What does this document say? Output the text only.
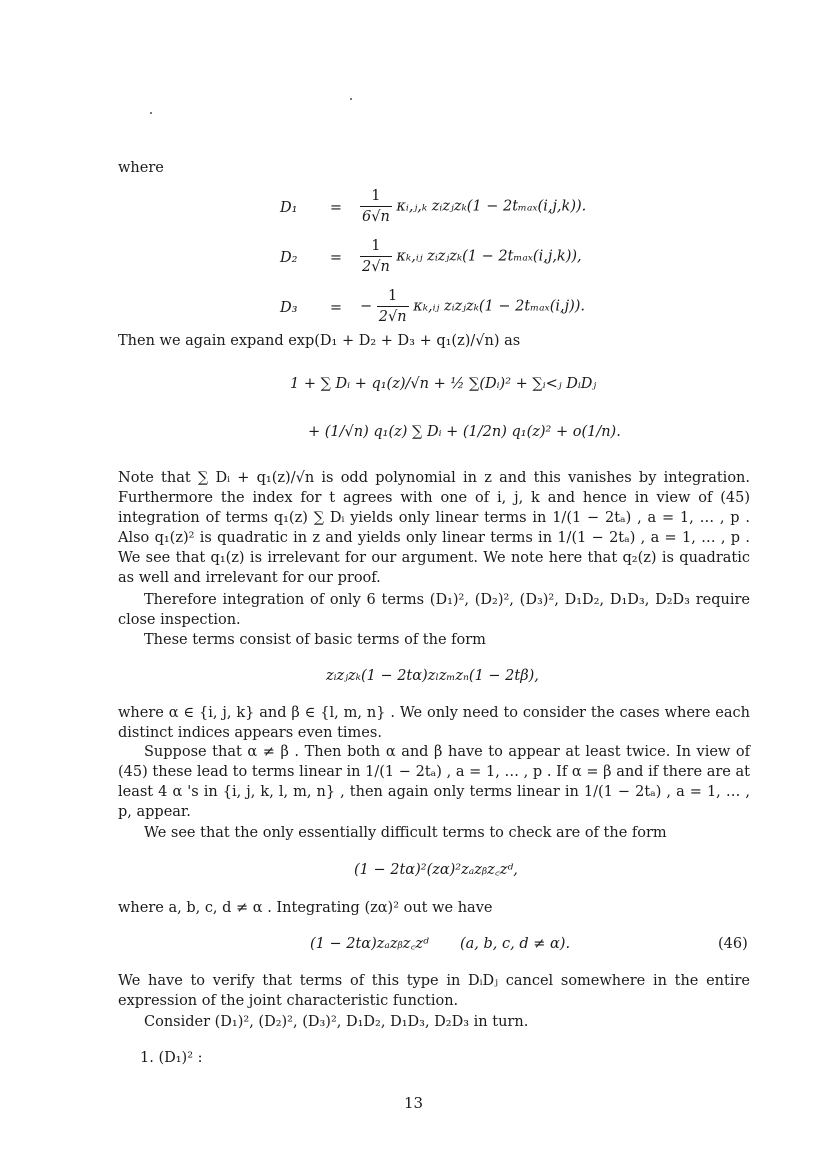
where

D₁	= $\frac{1}{6√n}$ κᵢ,ⱼ,ₖ zᵢzⱼzₖ(1 − 2tₘₐₓ(i,j,k)).
D₂	= $\frac{1}{2√n}$ κₖ,ᵢⱼ zᵢzⱼzₖ(1 − 2tₘₐₓ(i,j,k)),
D₃	= − $\frac{1}{2√n}$ κₖ,ᵢⱼ zᵢzⱼzₖ(1 − 2tₘₐₓ(i,j)).

Then we again expand exp(D₁ + D₂ + D₃ + q₁(z)/√n) as

1 + ∑ Dᵢ + q₁(z)/√n + ½ ∑(Dᵢ)² + ∑ᵢ<ⱼ DᵢDⱼ
+ (1/√n) q₁(z) ∑ Dᵢ + (1/2n) q₁(z)² + o(1/n).

Note that ∑ Dᵢ + q₁(z)/√n is odd polynomial in z and this vanishes by integration. Furthermore the index for t agrees with one of i, j, k and hence in view of (45) integration of terms q₁(z) ∑ Dᵢ yields only linear terms in 1/(1 − 2tₐ) , a = 1, … , p . Also q₁(z)² is quadratic in z and yields only linear terms in 1/(1 − 2tₐ) , a = 1, … , p . We see that q₁(z) is irrelevant for our argument. We note here that q₂(z) is quadratic as well and irrelevant for our proof.

Therefore integration of only 6 terms (D₁)², (D₂)², (D₃)², D₁D₂, D₁D₃, D₂D₃ require close inspection.

These terms consist of basic terms of the form

zᵢzⱼzₖ(1 − 2tα)zₗzₘzₙ(1 − 2tβ),

where α ∈ {i, j, k} and β ∈ {l, m, n} . We only need to consider the cases where each distinct indices appears even times.

Suppose that α ≠ β . Then both α and β have to appear at least twice. In view of (45) these lead to terms linear in 1/(1 − 2tₐ) , a = 1, … , p . If α = β and if there are at least 4 α 's in {i, j, k, l, m, n} , then again only terms linear in 1/(1 − 2tₐ) , a = 1, … , p, appear.

We see that the only essentially difficult terms to check are of the form

(1 − 2tα)²(zα)²zₐzᵦz꜀zᵈ,

where a, b, c, d ≠ α . Integrating (zα)² out we have

(1 − 2tα)zₐzᵦz꜀zᵈ (a, b, c, d ≠ α).	(46)

We have to verify that terms of this type in DᵢDⱼ cancel somewhere in the entire expression of the joint characteristic function.

Consider (D₁)², (D₂)², (D₃)², D₁D₂, D₁D₃, D₂D₃ in turn.

1. (D₁)² :
13
